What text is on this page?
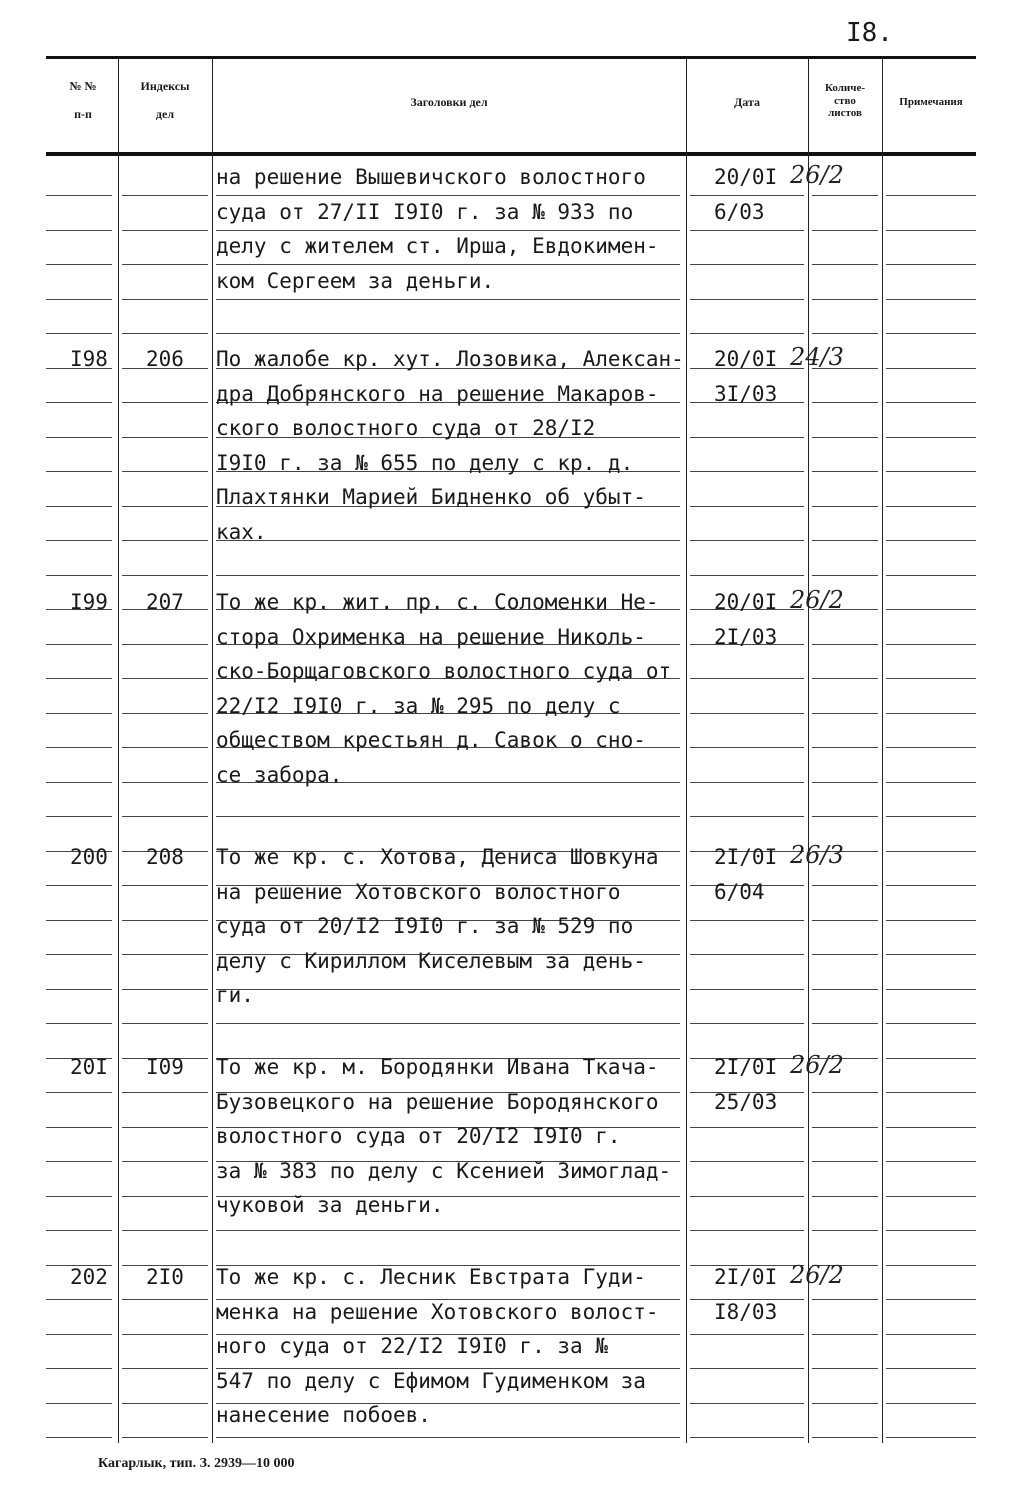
I8.
№ №
п-п
Индексы
дел
Заголовки дел	Дата
Количе-
ство
листов
Примечания
на решение Вышевичского волостного
суда от 27/II I9I0 г. за № 933 по
делу с жителем ст. Ирша, Евдокимен-
ком Сергеем за деньги.
20/0I
6/03
26/2
I98 206 По жалобе кр. хут. Лозовика, Алексан-
дра Добрянского на решение Макаров-
ского волостного суда от 28/I2
I9I0 г. за № 655 по делу с кр. д.
Плахтянки Марией Бидненко об убыт-
ках.
20/0I
3I/03
24/3
I99 207 То же кр. жит. пр. с. Соломенки Не-
стора Охрименка на решение Николь-
ско-Борщаговского волостного суда от
22/I2 I9I0 г. за № 295 по делу с
обществом крестьян д. Савок о сно-
се забора.
20/0I
2I/03
26/2
200 208 То же кр. с. Хотова, Дениса Шовкуна
на решение Хотовского волостного
суда от 20/I2 I9I0 г. за № 529 по
делу с Кириллом Киселевым за день-
ги.
2I/0I
6/04
26/3
20I I09 То же кр. м. Бородянки Ивана Ткача-
Бузовецкого на решение Бородянского
волостного суда от 20/I2 I9I0 г.
за № 383 по делу с Ксенией Зимоглад-
чуковой за деньги.
2I/0I
25/03
26/2
202 2I0 То же кр. с. Лесник Евстрата Гуди-
менка на решение Хотовского волост-
ного суда от 22/I2 I9I0 г. за №
547 по делу с Ефимом Гудименком за
нанесение побоев.
2I/0I
I8/03
26/2
Кагарлык, тип. З. 2939—10 000
